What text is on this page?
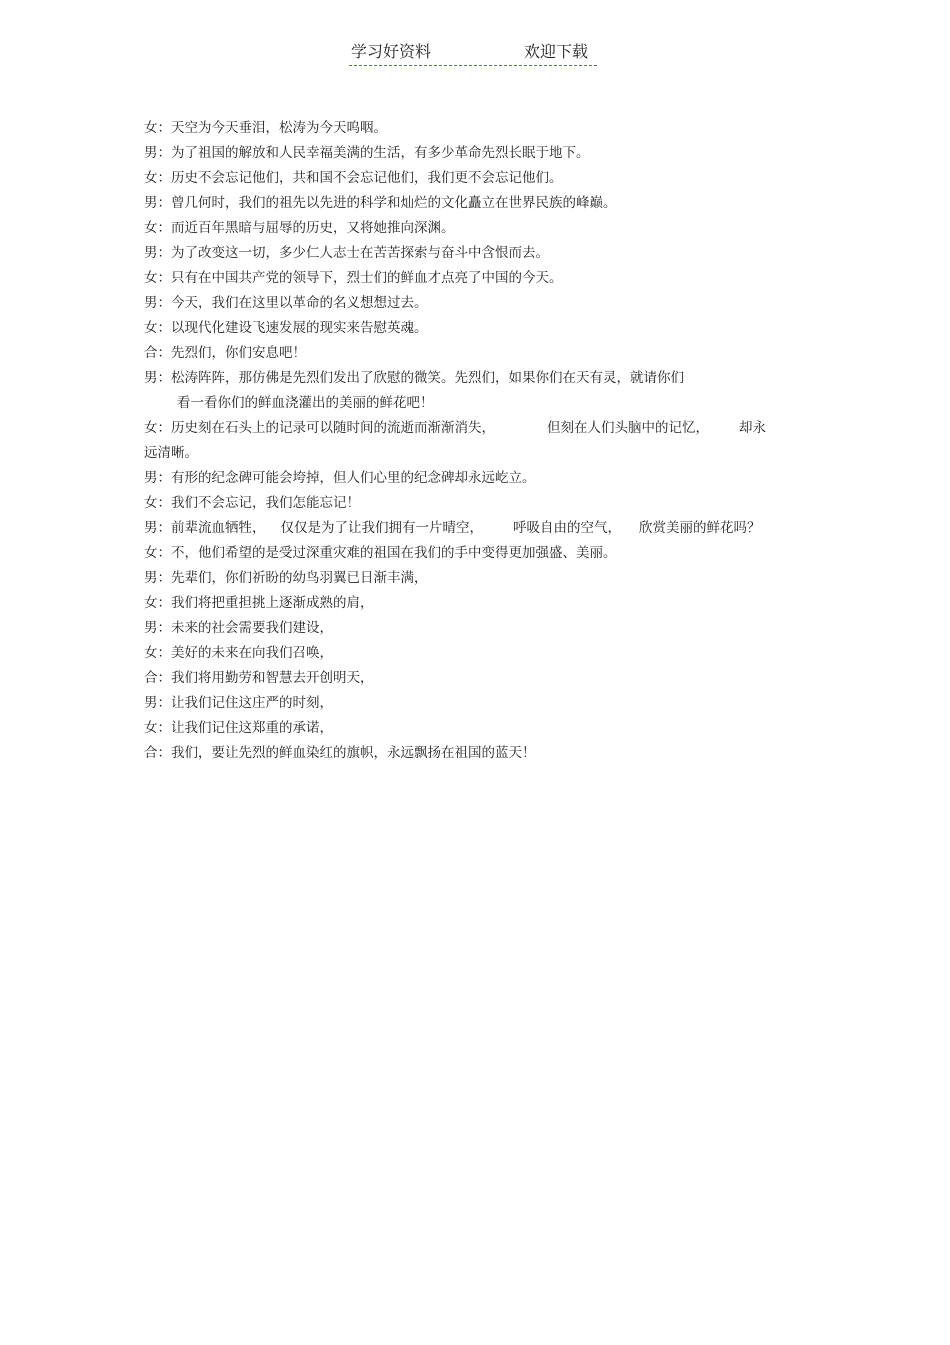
学习好资料	欢迎下载
女：天空为今天垂泪，松涛为今天呜咽。
男：为了祖国的解放和人民幸福美满的生活，有多少革命先烈长眠于地下。
女：历史不会忘记他们，共和国不会忘记他们，我们更不会忘记他们。
男：曾几何时，我们的祖先以先进的科学和灿烂的文化矗立在世界民族的峰巅。
女：而近百年黑暗与屈辱的历史，又将她推向深渊。
男：为了改变这一切，多少仁人志士在苦苦探索与奋斗中含恨而去。
女：只有在中国共产党的领导下，烈士们的鲜血才点亮了中国的今天。
男：今天，我们在这里以革命的名义想想过去。
女：以现代化建设飞速发展的现实来告慰英魂。
合：先烈们，你们安息吧！
男：松涛阵阵，那仿佛是先烈们发出了欣慰的微笑。先烈们，如果你们在天有灵，就请你们
看一看你们的鲜血浇灌出的美丽的鲜花吧！
女：历史刻在石头上的记录可以随时间的流逝而渐渐消失，	但刻在人们头脑中的记忆， 却永
远清晰。
男：有形的纪念碑可能会垮掉，但人们心里的纪念碑却永远屹立。
女：我们不会忘记，我们怎能忘记！
男：前辈流血牺牲， 仅仅是为了让我们拥有一片晴空， 呼吸自由的空气， 欣赏美丽的鲜花吗？
女：不，他们希望的是受过深重灾难的祖国在我们的手中变得更加强盛、美丽。
男：先辈们，你们祈盼的幼鸟羽翼已日渐丰满，
女：我们将把重担挑上逐渐成熟的肩，
男：未来的社会需要我们建设，
女：美好的未来在向我们召唤，
合：我们将用勤劳和智慧去开创明天，
男：让我们记住这庄严的时刻，
女：让我们记住这郑重的承诺，
合：我们，要让先烈的鲜血染红的旗帜，永远飘扬在祖国的蓝天！
